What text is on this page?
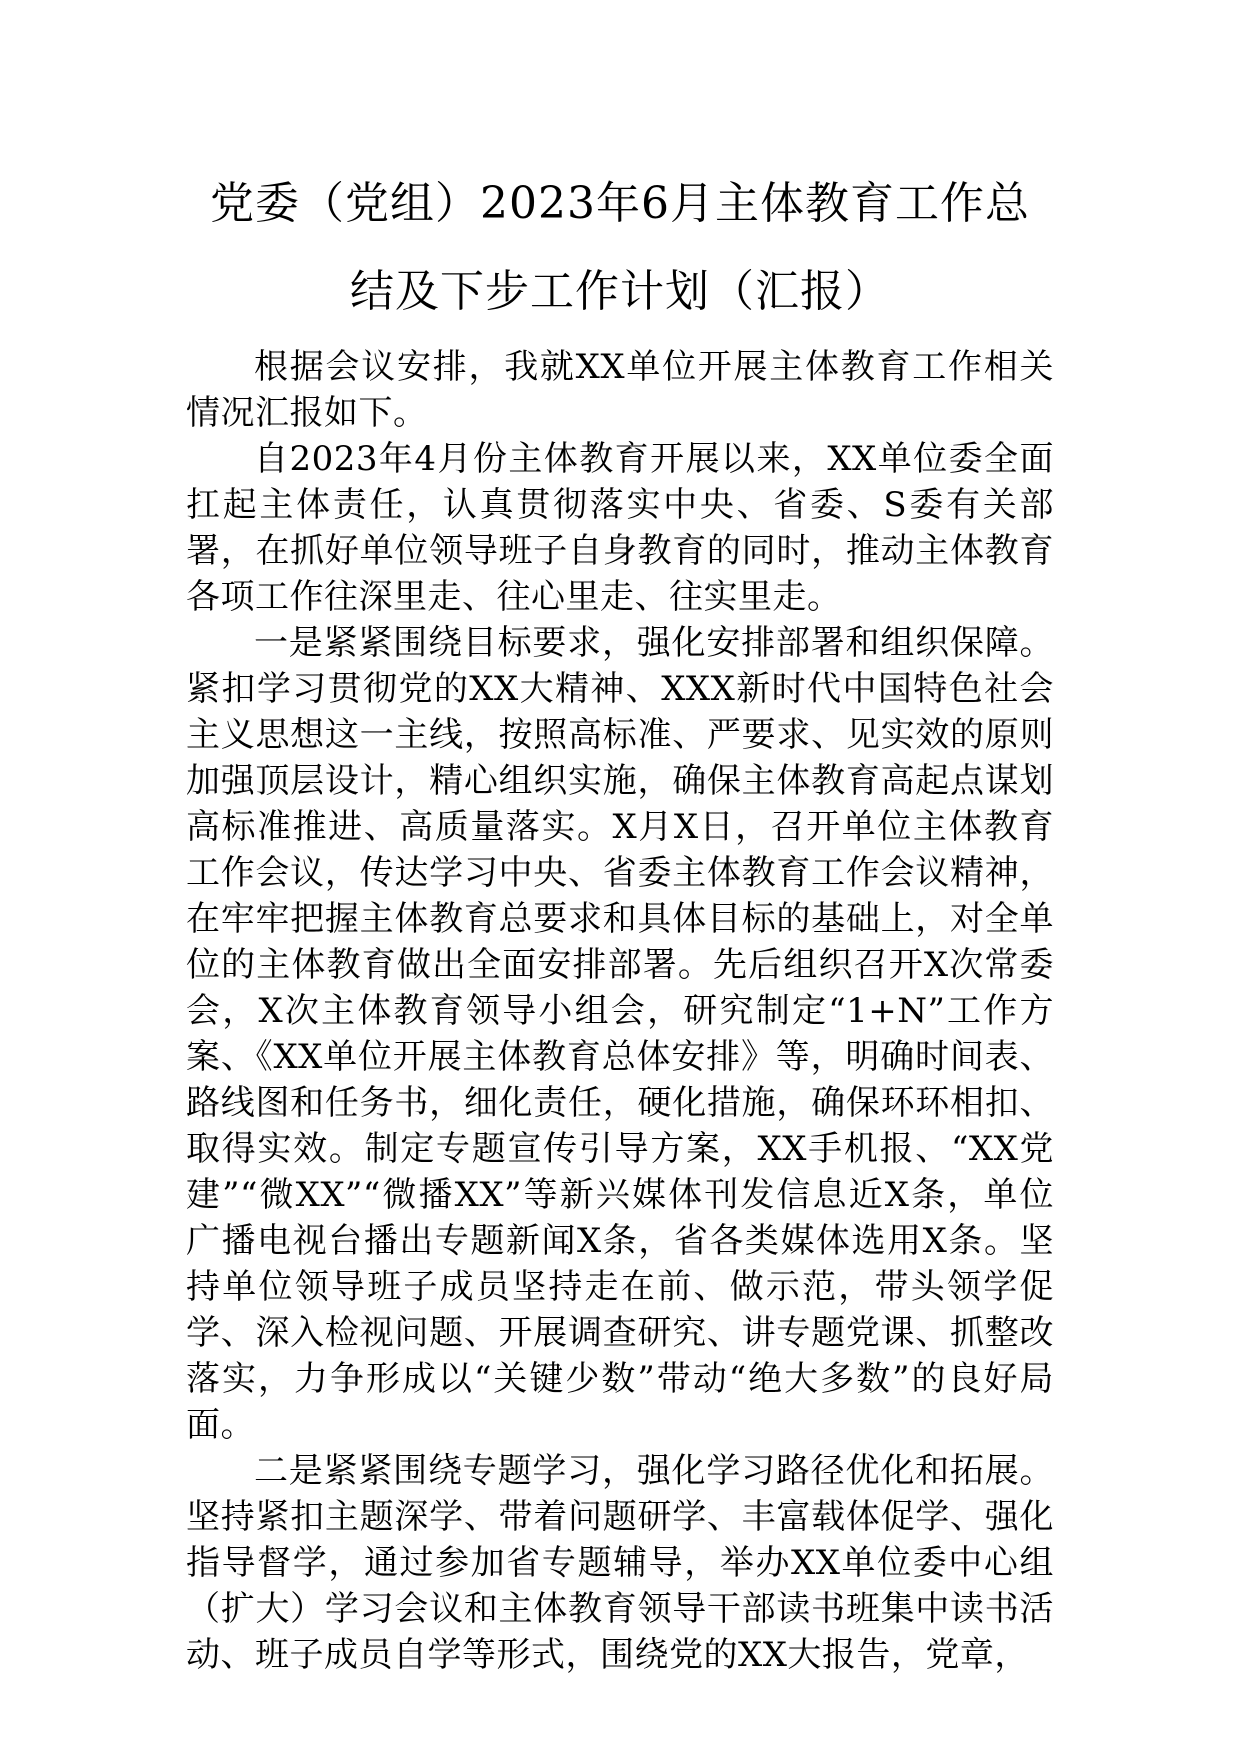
党委（党组）2023年6月主体教育工作总
结及下步工作计划（汇报）

根据会议安排，我就XX单位开展主体教育工作相关情况汇报如下。

自2023年4月份主体教育开展以来，XX单位委全面扛起主体责任，认真贯彻落实中央、省委、S委有关部署，在抓好单位领导班子自身教育的同时，推动主体教育各项工作往深里走、往心里走、往实里走。

一是紧紧围绕目标要求，强化安排部署和组织保障。紧扣学习贯彻党的XX大精神、XXX新时代中国特色社会主义思想这一主线，按照高标准、严要求、见实效的原则加强顶层设计，精心组织实施，确保主体教育高起点谋划高标准推进、高质量落实。X月X日，召开单位主体教育工作会议，传达学习中央、省委主体教育工作会议精神，在牢牢把握主体教育总要求和具体目标的基础上，对全单位的主体教育做出全面安排部署。先后组织召开X次常委会，X次主体教育领导小组会，研究制定“1+N”工作方案、《XX单位开展主体教育总体安排》等，明确时间表、路线图和任务书，细化责任，硬化措施，确保环环相扣、取得实效。制定专题宣传引导方案，XX手机报、“XX党建”“微XX”“微播XX”等新兴媒体刊发信息近X条，单位广播电视台播出专题新闻X条，省各类媒体选用X条。坚持单位领导班子成员坚持走在前、做示范，带头领学促学、深入检视问题、开展调查研究、讲专题党课、抓整改落实，力争形成以“关键少数”带动“绝大多数”的良好局面。

二是紧紧围绕专题学习，强化学习路径优化和拓展。坚持紧扣主题深学、带着问题研学、丰富载体促学、强化指导督学，通过参加省专题辅导，举办XX单位委中心组（扩大）学习会议和主体教育领导干部读书班集中读书活动、班子成员自学等形式，围绕党的XX大报告，党章，
